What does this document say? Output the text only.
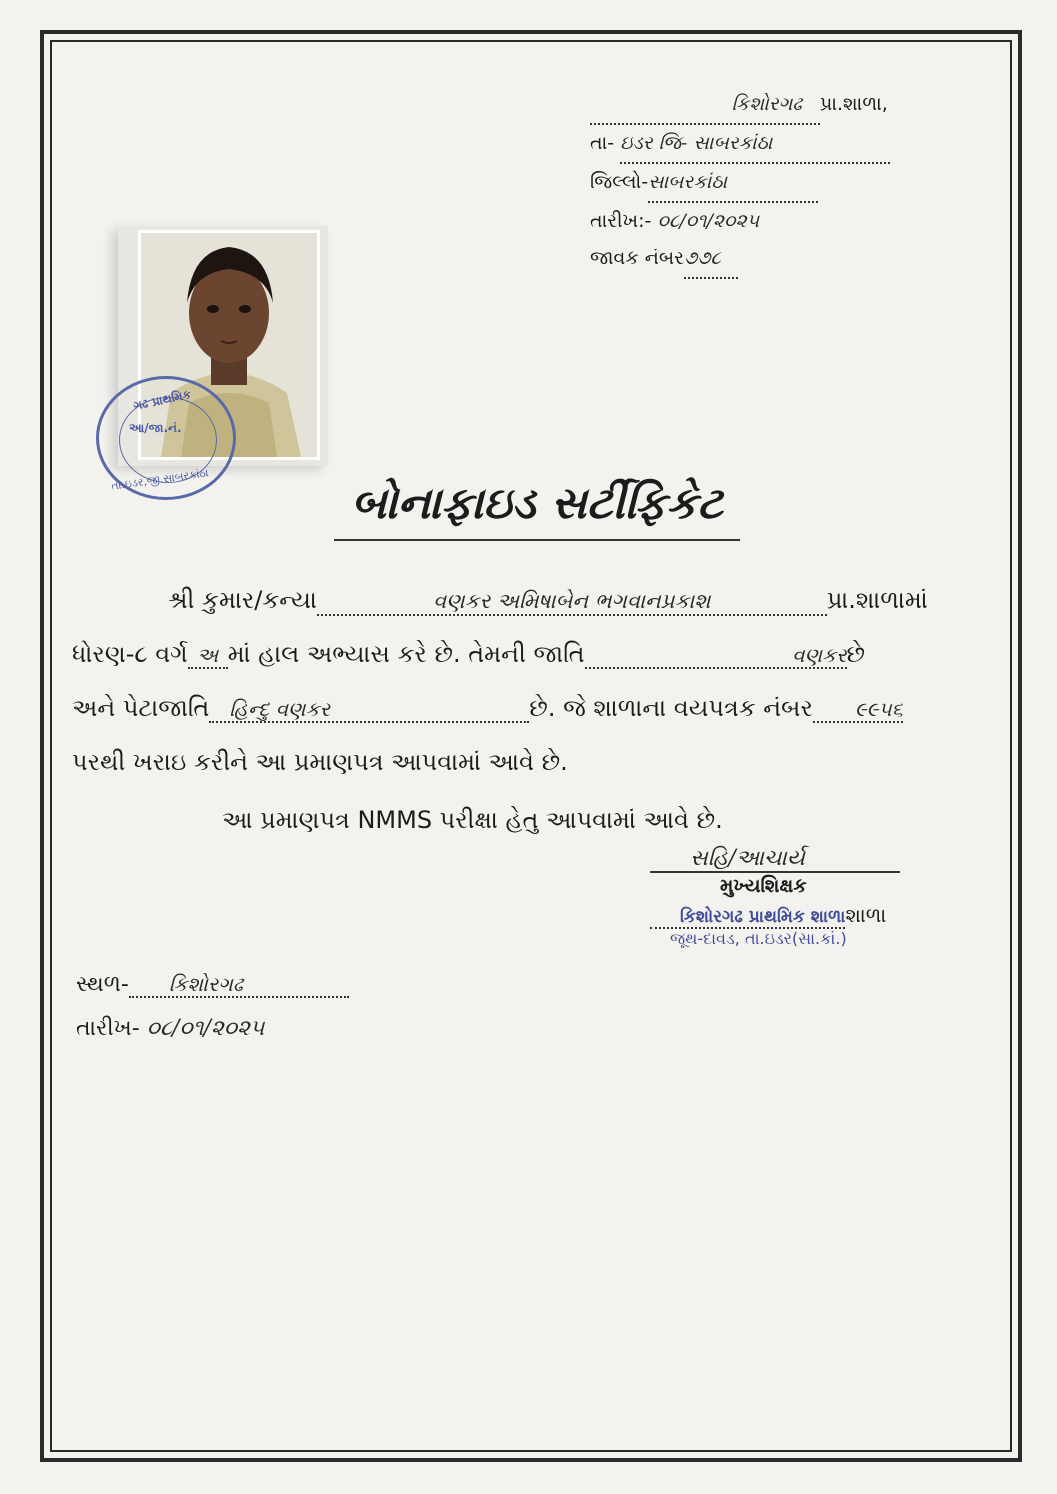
કિશોરગઢ પ્રા.શાળા,
તા- ઇડર જિ- સાબરકાંઠા
જિલ્લો-સાબરકાંઠા
તારીખ:- ૦૮/૦૧/૨૦૨૫
જાવક નંબર૭૭૮
ગઢ પ્રાથમિક
આ/જા.નં.
તા.ઇડર,જી.સાબરકાંઠા	બોનાફાઇડ સર્ટીફિકેટ
શ્રી કુમાર/કન્યા	વણકર અમિષાબેન ભગવાનપ્રકાશ	પ્રા.શાળામાં
ધોરણ-૮ વર્ગ અ માં હાલ અભ્યાસ કરે છે. તેમની જાતિ	વણકરછે
અને પેટાજાતિ હિન્દુ વણકર	છે. જે શાળાના વયપત્રક નંબર ૯૯૫૬
પરથી ખરાઇ કરીને આ પ્રમાણપત્ર આપવામાં આવે છે.
આ પ્રમાણપત્ર NMMS પરીક્ષા હેતુ આપવામાં આવે છે.
સહિ/આચાર્ય
મુખ્યશિક્ષક
કિશોરગઢ પ્રાથમિક શાળાશાળા
જૂથ-દાવડ, તા.ઇડર(સા.કાં.)
સ્થળ- કિશોરગઢ
તારીખ- ૦૮/૦૧/૨૦૨૫
